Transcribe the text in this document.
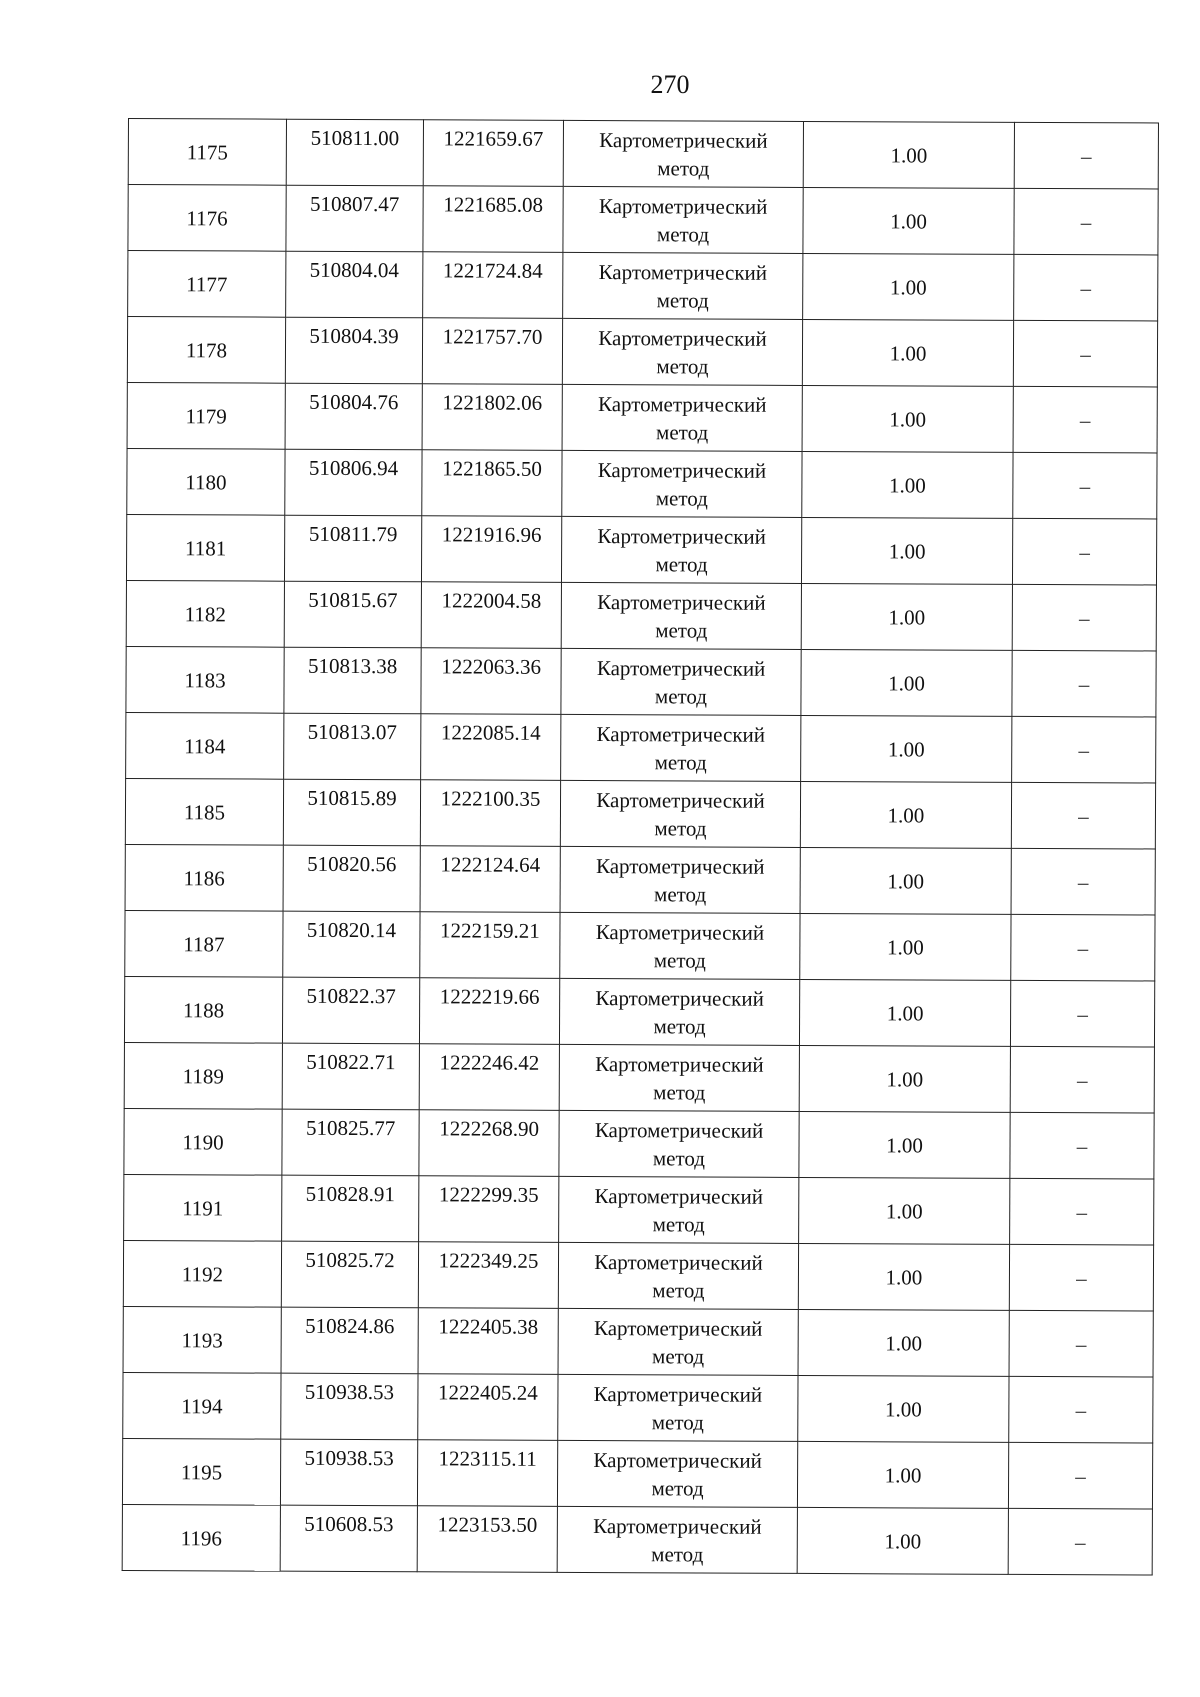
270
1175	510811.00	1221659.67	Картометрический
метод	1.00	–
1176	510807.47	1221685.08	Картометрический
метод	1.00	–
1177	510804.04	1221724.84	Картометрический
метод	1.00	–
1178	510804.39	1221757.70	Картометрический
метод	1.00	–
1179	510804.76	1221802.06	Картометрический
метод	1.00	–
1180	510806.94	1221865.50	Картометрический
метод	1.00	–
1181	510811.79	1221916.96	Картометрический
метод	1.00	–
1182	510815.67	1222004.58	Картометрический
метод	1.00	–
1183	510813.38	1222063.36	Картометрический
метод	1.00	–
1184	510813.07	1222085.14	Картометрический
метод	1.00	–
1185	510815.89	1222100.35	Картометрический
метод	1.00	–
1186	510820.56	1222124.64	Картометрический
метод	1.00	–
1187	510820.14	1222159.21	Картометрический
метод	1.00	–
1188	510822.37	1222219.66	Картометрический
метод	1.00	–
1189	510822.71	1222246.42	Картометрический
метод	1.00	–
1190	510825.77	1222268.90	Картометрический
метод	1.00	–
1191	510828.91	1222299.35	Картометрический
метод	1.00	–
1192	510825.72	1222349.25	Картометрический
метод	1.00	–
1193	510824.86	1222405.38	Картометрический
метод	1.00	–
1194	510938.53	1222405.24	Картометрический
метод	1.00	–
1195	510938.53	1223115.11	Картометрический
метод	1.00	–
1196	510608.53	1223153.50	Картометрический
метод	1.00	–
